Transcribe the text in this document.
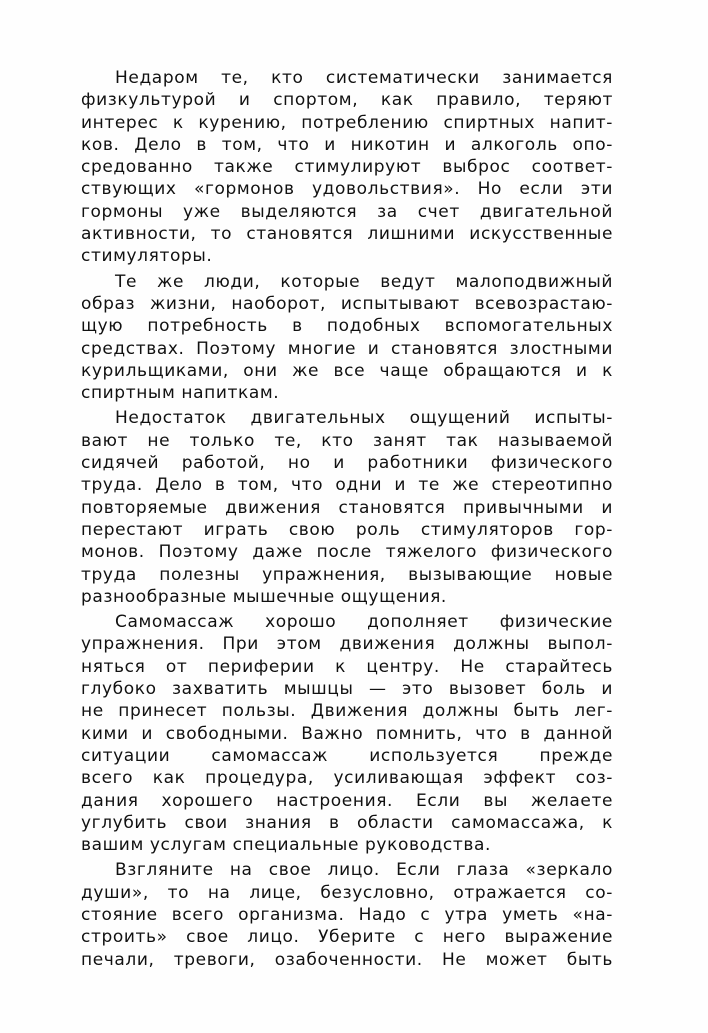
Недаром те, кто систематически занимается
физкультурой и спортом, как правило, теряют
интерес к курению, потреблению спиртных напит-
ков. Дело в том, что и никотин и алкоголь опо-
средованно также стимулируют выброс соответ-
ствующих «гормонов удовольствия». Но если эти
гормоны уже выделяются за счет двигательной
активности, то становятся лишними искусственные
стимуляторы.
Те же люди, которые ведут малоподвижный
образ жизни, наоборот, испытывают всевозрастаю-
щую потребность в подобных вспомогательных
средствах. Поэтому многие и становятся злостными
курильщиками, они же все чаще обращаются и к
спиртным напиткам.
Недостаток двигательных ощущений испыты-
вают не только те, кто занят так называемой
сидячей работой, но и работники физического
труда. Дело в том, что одни и те же стереотипно
повторяемые движения становятся привычными и
перестают играть свою роль стимуляторов гор-
монов. Поэтому даже после тяжелого физического
труда полезны упражнения, вызывающие новые
разнообразные мышечные ощущения.
Самомассаж хорошо дополняет физические
упражнения. При этом движения должны выпол-
няться от периферии к центру. Не старайтесь
глубоко захватить мышцы — это вызовет боль и
не принесет пользы. Движения должны быть лег-
кими и свободными. Важно помнить, что в данной
ситуации самомассаж используется прежде
всего как процедура, усиливающая эффект соз-
дания хорошего настроения. Если вы желаете
углубить свои знания в области самомассажа, к
вашим услугам специальные руководства.
Взгляните на свое лицо. Если глаза «зеркало
души», то на лице, безусловно, отражается со-
стояние всего организма. Надо с утра уметь «на-
строить» свое лицо. Уберите с него выражение
печали, тревоги, озабоченности. Не может быть
